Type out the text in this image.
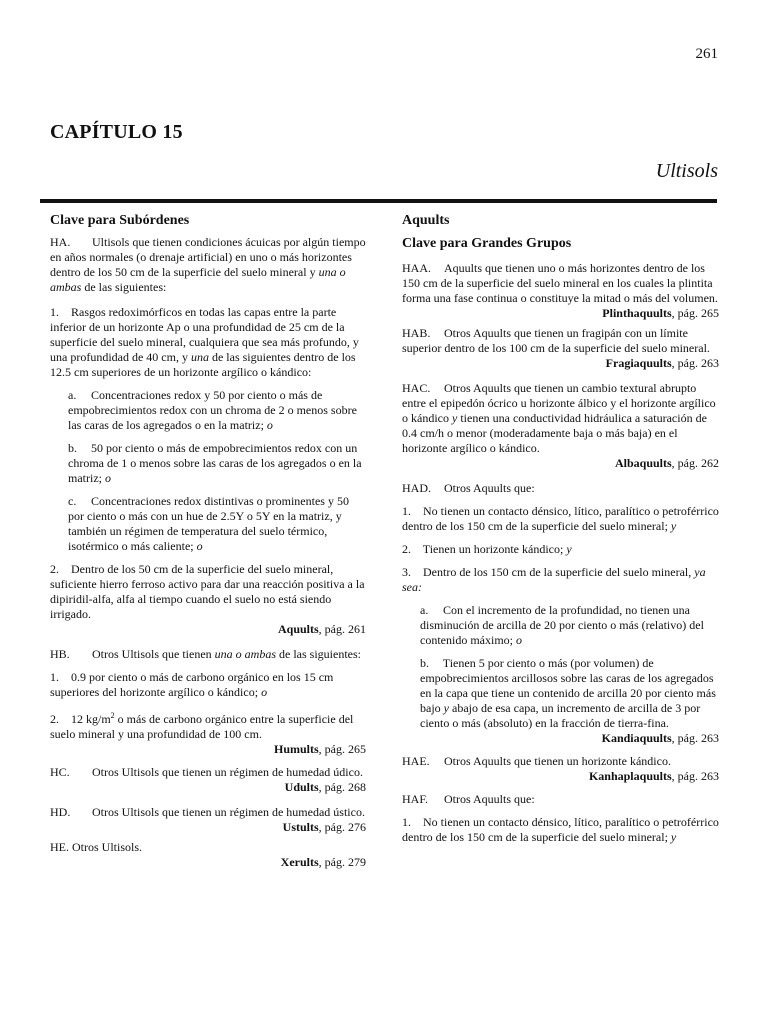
261
CAPÍTULO 15
Ultisols
Clave para Subórdenes

HA. Ultisols que tienen condiciones ácuicas por algún tiempo en años normales (o drenaje artificial) en uno o más horizontes dentro de los 50 cm de la superficie del suelo mineral y una o ambas de las siguientes:

1. Rasgos redoximórficos en todas las capas entre la parte inferior de un horizonte Ap o una profundidad de 25 cm de la superficie del suelo mineral, cualquiera que sea más profundo, y una profundidad de 40 cm, y una de las siguientes dentro de los 12.5 cm superiores de un horizonte argílico o kándico:

a. Concentraciones redox y 50 por ciento o más de empobrecimientos redox con un chroma de 2 o menos sobre las caras de los agregados o en la matriz; o

b. 50 por ciento o más de empobrecimientos redox con un chroma de 1 o menos sobre las caras de los agregados o en la matriz; o

c. Concentraciones redox distintivas o prominentes y 50 por ciento o más con un hue de 2.5Y o 5Y en la matriz, y también un régimen de temperatura del suelo térmico, isotérmico o más caliente; o

2. Dentro de los 50 cm de la superficie del suelo mineral, suficiente hierro ferroso activo para dar una reacción positiva a la dipiridil-alfa, alfa al tiempo cuando el suelo no está siendo irrigado.

Aquults, pág. 261

HB. Otros Ultisols que tienen una o ambas de las siguientes:

1. 0.9 por ciento o más de carbono orgánico en los 15 cm superiores del horizonte argílico o kándico; o

2. 12 $kg/m^2$ o más de carbono orgánico entre la superficie del suelo mineral y una profundidad de 100 cm.

Humults, pág. 265

HC. Otros Ultisols que tienen un régimen de humedad údico.

Udults, pág. 268

HD. Otros Ultisols que tienen un régimen de humedad ústico.

Ustults, pág. 276

HE. Otros Ultisols.

Xerults, pág. 279

Aquults
Clave para Grandes Grupos

HAA. Aquults que tienen uno o más horizontes dentro de los 150 cm de la superficie del suelo mineral en los cuales la plintita forma una fase continua o constituye la mitad o más del volumen.

Plinthaquults, pág. 265

HAB. Otros Aquults que tienen un fragipán con un límite superior dentro de los 100 cm de la superficie del suelo mineral.

Fragiaquults, pág. 263

HAC. Otros Aquults que tienen un cambio textural abrupto entre el epipedón ócrico u horizonte álbico y el horizonte argílico o kándico y tienen una conductividad hidráulica a saturación de 0.4 cm/h o menor (moderadamente baja o más baja) en el horizonte argílico o kándico.

Albaquults, pág. 262

HAD. Otros Aquults que:

1. No tienen un contacto dénsico, lítico, paralítico o petroférrico dentro de los 150 cm de la superficie del suelo mineral; y

2. Tienen un horizonte kándico; y

3. Dentro de los 150 cm de la superficie del suelo mineral, ya sea:

a. Con el incremento de la profundidad, no tienen una disminución de arcilla de 20 por ciento o más (relativo) del contenido máximo; o

b. Tienen 5 por ciento o más (por volumen) de empobrecimientos arcillosos sobre las caras de los agregados en la capa que tiene un contenido de arcilla 20 por ciento más bajo y abajo de esa capa, un incremento de arcilla de 3 por ciento o más (absoluto) en la fracción de tierra-fina.

Kandiaquults, pág. 263

HAE. Otros Aquults que tienen un horizonte kándico.

Kanhaplaquults, pág. 263

HAF. Otros Aquults que:

1. No tienen un contacto dénsico, lítico, paralítico o petroférrico dentro de los 150 cm de la superficie del suelo mineral; y
